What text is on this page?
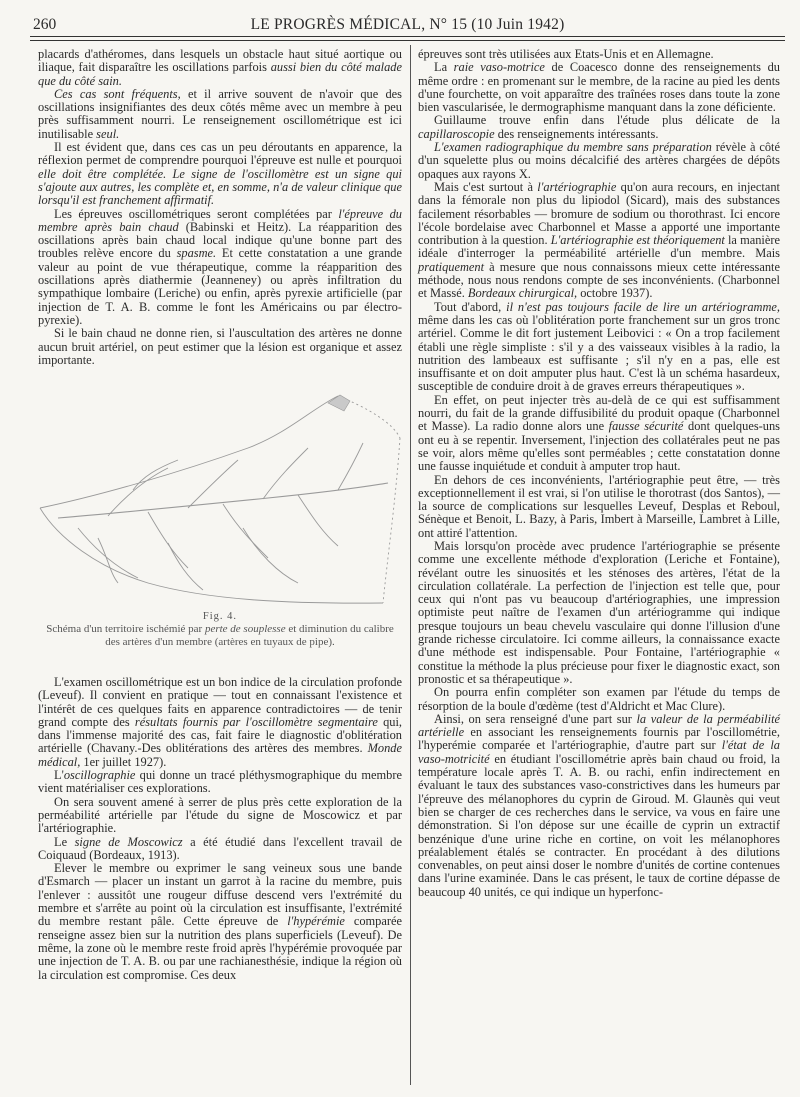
260	LE PROGRÈS MÉDICAL, N° 15 (10 Juin 1942)

placards d'athéromes, dans lesquels un obstacle haut situé aortique ou iliaque, fait disparaître les oscillations parfois aussi bien du côté malade que du côté sain.

Ces cas sont fréquents, et il arrive souvent de n'avoir que des oscillations insignifiantes des deux côtés même avec un membre à peu près suffisamment nourri. Le renseignement oscillométrique est ici inutilisable seul.

Il est évident que, dans ces cas un peu déroutants en apparence, la réflexion permet de comprendre pourquoi l'épreuve est nulle et pourquoi elle doit être complétée. Le signe de l'oscillomètre est un signe qui s'ajoute aux autres, les complète et, en somme, n'a de valeur clinique que lorsqu'il est franchement affirmatif.

Les épreuves oscillométriques seront complétées par l'épreuve du membre après bain chaud (Babinski et Heitz). La réapparition des oscillations après bain chaud local indique qu'une bonne part des troubles relève encore du spasme. Et cette constatation a une grande valeur au point de vue thérapeutique, comme la réapparition des oscillations après diathermie (Jeanneney) ou après infiltration du sympathique lombaire (Leriche) ou enfin, après pyrexie artificielle (par injection de T. A. B. comme le font les Américains ou par électro-pyrexie).

Si le bain chaud ne donne rien, si l'auscultation des artères ne donne aucun bruit artériel, on peut estimer que la lésion est organique et assez importante.

Fig. 4.
Schéma d'un territoire ischémié par perte de souplesse et diminution du calibre des artères d'un membre (artères en tuyaux de pipe).

L'examen oscillométrique est un bon indice de la circulation profonde (Leveuf). Il convient en pratique — tout en connaissant l'existence et l'intérêt de ces quelques faits en apparence contradictoires — de tenir grand compte des résultats fournis par l'oscillomètre segmentaire qui, dans l'immense majorité des cas, fait faire le diagnostic d'oblitération artérielle (Chavany.-Des oblitérations des artères des membres. Monde médical, 1er juillet 1927).

L'oscillographie qui donne un tracé pléthysmographique du membre vient matérialiser ces explorations.

On sera souvent amené à serrer de plus près cette exploration de la perméabilité artérielle par l'étude du signe de Moscowicz et par l'artériographie.

Le signe de Moscowicz a été étudié dans l'excellent travail de Coiquaud (Bordeaux, 1913).

Elever le membre ou exprimer le sang veineux sous une bande d'Esmarch — placer un instant un garrot à la racine du membre, puis l'enlever : aussitôt une rougeur diffuse descend vers l'extrémité du membre et s'arrête au point où la circulation est insuffisante, l'extrémité du membre restant pâle. Cette épreuve de l'hypérémie comparée renseigne assez bien sur la nutrition des plans superficiels (Leveuf). De même, la zone où le membre reste froid après l'hypérémie provoquée par une injection de T. A. B. ou par une rachianesthésie, indique la région où la circulation est compromise. Ces deux

épreuves sont très utilisées aux Etats-Unis et en Allemagne.

La raie vaso-motrice de Coacesco donne des renseignements du même ordre : en promenant sur le membre, de la racine au pied les dents d'une fourchette, on voit apparaître des traînées roses dans toute la zone bien vascularisée, le dermographisme manquant dans la zone déficiente.

Guillaume trouve enfin dans l'étude plus délicate de la capillaroscopie des renseignements intéressants.

L'examen radiographique du membre sans préparation révèle à côté d'un squelette plus ou moins décalcifié des artères chargées de dépôts opaques aux rayons X.

Mais c'est surtout à l'artériographie qu'on aura recours, en injectant dans la fémorale non plus du lipiodol (Sicard), mais des substances facilement résorbables — bromure de sodium ou thorothrast. Ici encore l'école bordelaise avec Charbonnel et Masse a apporté une importante contribution à la question. L'artériographie est théoriquement la manière idéale d'interroger la perméabilité artérielle d'un membre. Mais pratiquement à mesure que nous connaissons mieux cette intéressante méthode, nous nous rendons compte de ses inconvénients. (Charbonnel et Massé. Bordeaux chirurgical, octobre 1937).

Tout d'abord, il n'est pas toujours facile de lire un artériogramme, même dans les cas où l'oblitération porte franchement sur un gros tronc artériel. Comme le dit fort justement Leibovici : « On a trop facilement établi une règle simpliste : s'il y a des vaisseaux visibles à la radio, la nutrition des lambeaux est suffisante ; s'il n'y en a pas, elle est insuffisante et on doit amputer plus haut. C'est là un schéma hasardeux, susceptible de conduire droit à de graves erreurs thérapeutiques ».

En effet, on peut injecter très au-delà de ce qui est suffisamment nourri, du fait de la grande diffusibilité du produit opaque (Charbonnel et Masse). La radio donne alors une fausse sécurité dont quelques-uns ont eu à se repentir. Inversement, l'injection des collatérales peut ne pas se voir, alors même qu'elles sont perméables ; cette constatation donne une fausse inquiétude et conduit à amputer trop haut.

En dehors de ces inconvénients, l'artériographie peut être, — très exceptionnellement il est vrai, si l'on utilise le thorotrast (dos Santos), — la source de complications sur lesquelles Leveuf, Desplas et Reboul, Sénèque et Benoit, L. Bazy, à Paris, Imbert à Marseille, Lambret à Lille, ont attiré l'attention.

Mais lorsqu'on procède avec prudence l'artériographie se présente comme une excellente méthode d'exploration (Leriche et Fontaine), révélant outre les sinuosités et les sténoses des artères, l'état de la circulation collatérale. La perfection de l'injection est telle que, pour ceux qui n'ont pas vu beaucoup d'artériographies, une impression optimiste peut naître de l'examen d'un artériogramme qui indique presque toujours un beau chevelu vasculaire qui donne l'illusion d'une grande richesse circulatoire. Ici comme ailleurs, la connaissance exacte d'une méthode est indispensable. Pour Fontaine, l'artériographie « constitue la méthode la plus précieuse pour fixer le diagnostic exact, son pronostic et sa thérapeutique ».

On pourra enfin compléter son examen par l'étude du temps de résorption de la boule d'œdème (test d'Aldricht et Mac Clure).

Ainsi, on sera renseigné d'une part sur la valeur de la perméabilité artérielle en associant les renseignements fournis par l'oscillométrie, l'hyperémie comparée et l'artériographie, d'autre part sur l'état de la vaso-motricité en étudiant l'oscillométrie après bain chaud ou froid, la température locale après T. A. B. ou rachi, enfin indirectement en évaluant le taux des substances vaso-constrictives dans les humeurs par l'épreuve des mélanophores du cyprin de Giroud. M. Glaunès qui veut bien se charger de ces recherches dans le service, va vous en faire une démonstration. Si l'on dépose sur une écaille de cyprin un extractif benzénique d'une urine riche en cortine, on voit les mélanophores préalablement étalés se contracter. En procédant à des dilutions convenables, on peut ainsi doser le nombre d'unités de cortine contenues dans l'urine examinée. Dans le cas présent, le taux de cortine dépasse de beaucoup 40 unités, ce qui indique un hyperfonc-
